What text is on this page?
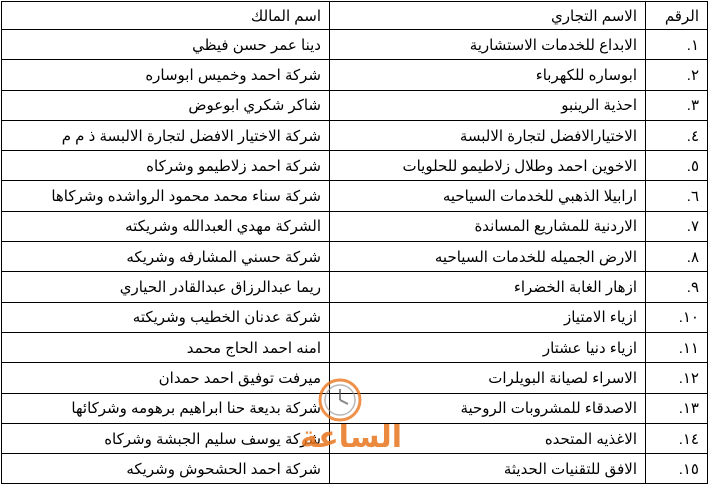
الرقم	الاسم التجاري	اسم المالك
١.	الابداع للخدمات الاستشارية	دينا عمر حسن فيظي
٢.	ابوساره للكهرباء	شركة احمد وخميس ابوساره
٣.	احذية الرينبو	شاكر شكري ابوعوض
٤.	الاختيارالافضل لتجارة الالبسة	شركة الاختيار الافضل لتجارة الالبسة ذ م م
٥.	الاخوين احمد وطلال زلاطيمو للحلويات	شركة احمد زلاطيمو وشركاه
٦.	ارابيلا الذهبي للخدمات السياحيه	شركة سناء محمد محمود الرواشده وشركاها
٧.	الاردنية للمشاريع المساندة	الشركة مهدي العبدالله وشريكته
٨.	الارض الجميله للخدمات السياحيه	شركة حسني المشارفه وشريكه
٩.	ازهار الغابة الخضراء	ريما عبدالرزاق عبدالقادر الحياري
١٠.	ازياء الامتياز	شركة عدنان الخطيب وشريكته
١١.	ازياء دنيا عشتار	امنه احمد الحاج محمد
١٢.	الاسراء لصيانة البويلرات	ميرفت توفيق احمد حمدان
١٣.	الاصدقاء للمشروبات الروحية	شركة بديعة حنا ابراهيم برهومه وشركائها
١٤.	الاغذيه المتحده	شركة يوسف سليم الجبشة وشركاه
١٥.	الافق للتقنيات الحديثة	شركة احمد الحشحوش وشريكه
الساعة
